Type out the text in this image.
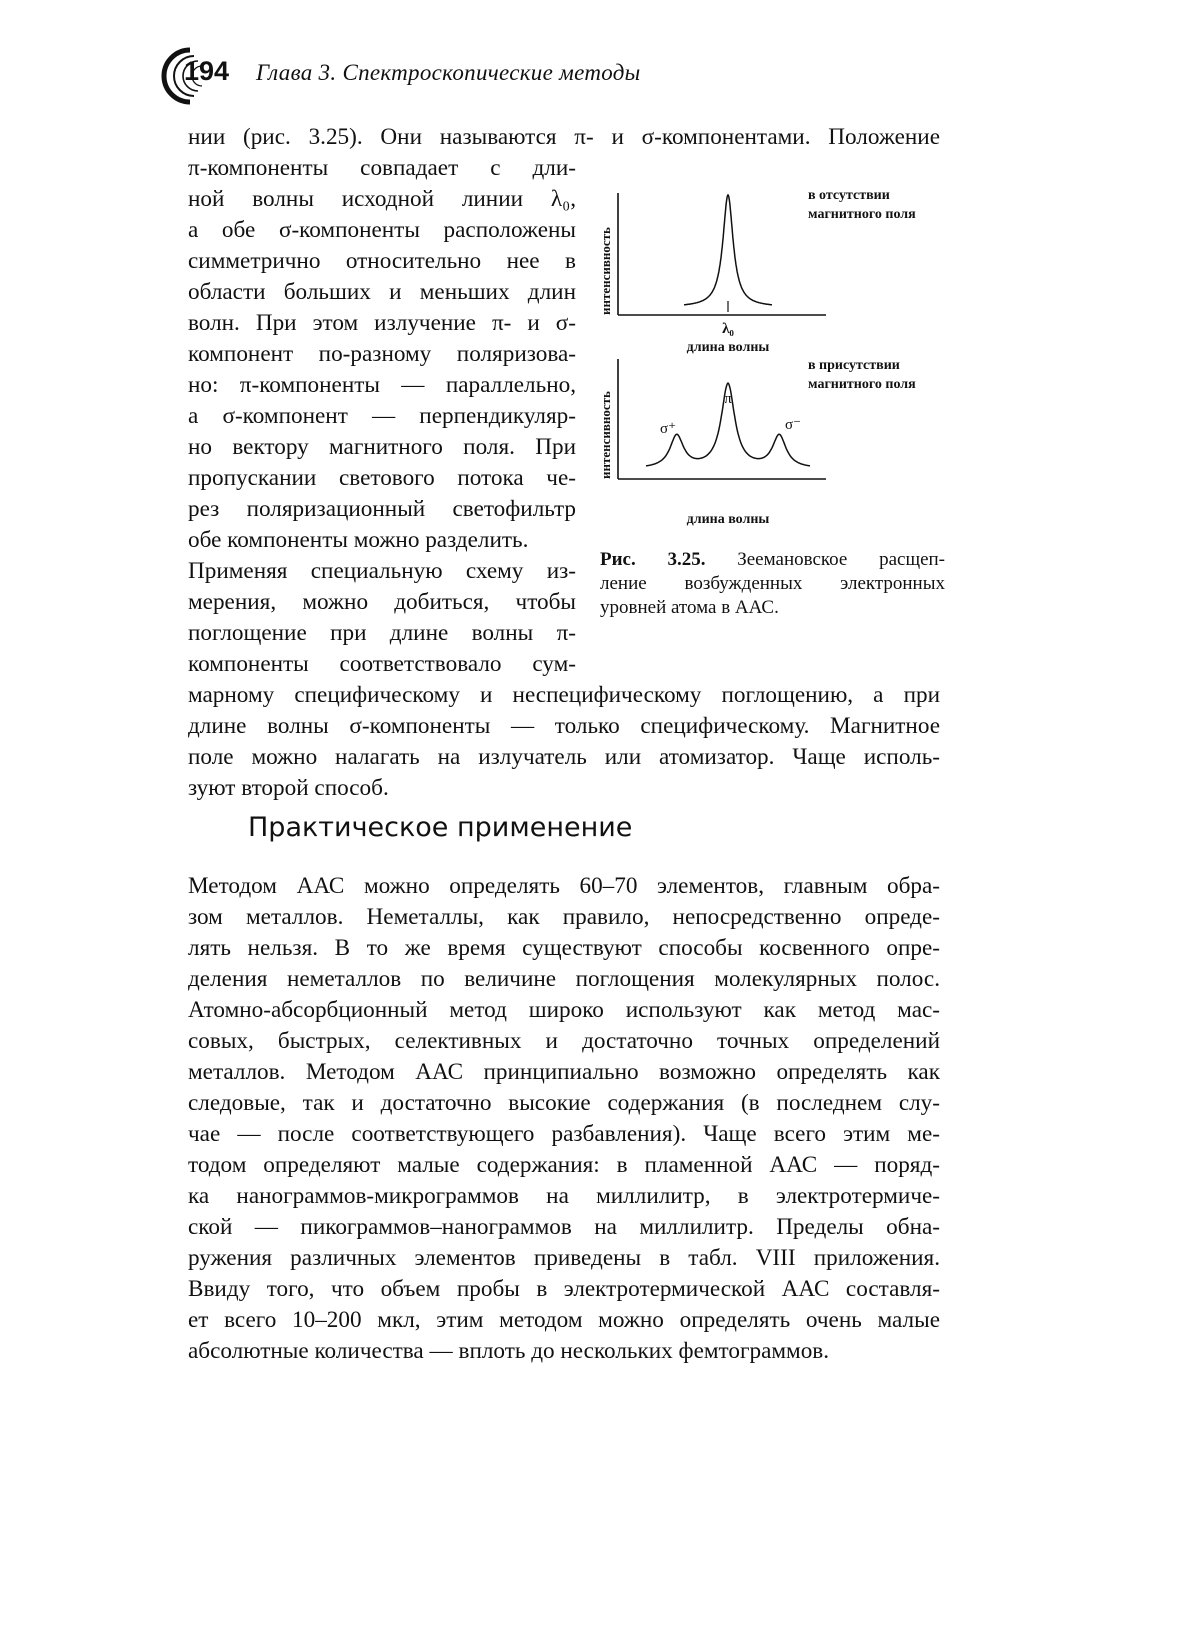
194 Глава 3. Спектроскопические методы

нии (рис. 3.25). Они называются π- и σ-компонентами. Положение

π-компоненты совпадает с дли-
ной волны исходной линии λ₀,
а обе σ-компоненты расположены
симметрично относительно нее в
области больших и меньших длин
волн. При этом излучение π- и σ-
компонент по-разному поляризова-
но: π-компоненты — параллельно,
а σ-компонент — перпендикуляр-
но вектору магнитного поля. При
пропускании светового потока че-
рез поляризационный светофильтр
обе компоненты можно разделить.
Применяя специальную схему из-
мерения, можно добиться, чтобы
поглощение при длине волны π-
компоненты соответствовало сум-

марному специфическому и неспецифическому поглощению, а при
длине волны σ-компоненты — только специфическому. Магнитное
поле можно налагать на излучатель или атомизатор. Чаще исполь-
зуют второй способ.

интенсивность
λ₀
длина волны
в отсутствии
магнитного поля
интенсивность	σ⁺
π
σ⁻
длина волны
в присутствии
магнитного поля

Рис. 3.25. Зеемановское расщеп-
ление возбужденных электронных
уровней атома в ААС.

Практическое применение

Методом ААС можно определять 60–70 элементов, главным обра-
зом металлов. Неметаллы, как правило, непосредственно опреде-
лять нельзя. В то же время существуют способы косвенного опре-
деления неметаллов по величине поглощения молекулярных полос.
Атомно-абсорбционный метод широко используют как метод мас-
совых, быстрых, селективных и достаточно точных определений
металлов. Методом ААС принципиально возможно определять как
следовые, так и достаточно высокие содержания (в последнем слу-
чае — после соответствующего разбавления). Чаще всего этим ме-
тодом определяют малые содержания: в пламенной ААС — поряд-
ка нанограммов-микрограммов на миллилитр, в электротермиче-
ской — пикограммов–нанограммов на миллилитр. Пределы обна-
ружения различных элементов приведены в табл. VIII приложения.
Ввиду того, что объем пробы в электротермической ААС составля-
ет всего 10–200 мкл, этим методом можно определять очень малые
абсолютные количества — вплоть до нескольких фемтограммов.
